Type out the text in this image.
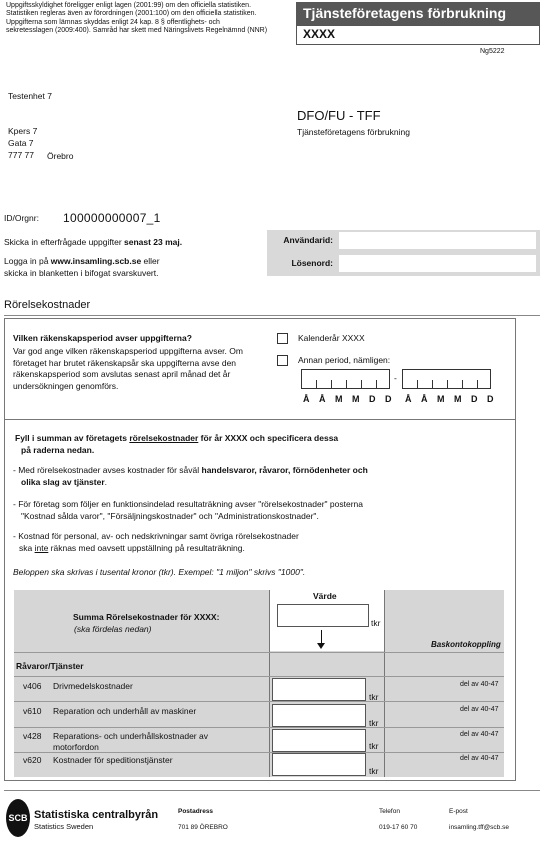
Uppgiftsskyldighet föreligger enligt lagen (2001:99) om den officiella statistiken. Statistiken regleras även av förordningen (2001:100) om den officiella statistiken. Uppgifterna som lämnas skyddas enligt 24 kap. 8 § offentlighets- och sekretesslagen (2009:400). Samråd har skett med Näringslivets Regelnämnd (NNR)
Tjänsteföretagens förbrukning
XXXX
Ng5222
Testenhet 7
Kpers 7
Gata 7
777 77 Örebro
DFO/FU - TFF
Tjänsteföretagens förbrukning
ID/Orgnr: 100000000007_1
Skicka in efterfrågade uppgifter senast 23 maj.
Logga in på www.insamling.scb.se eller
skicka in blanketten i bifogat svarskuvert.
Användarid:
Lösenord:
Rörelsekostnader
Vilken räkenskapsperiod avser uppgifterna?
Var god ange vilken räkenskapsperiod uppgifterna avser. Om företaget har brutet räkenskapsår ska uppgifterna avse den räkenskapsperiod som avslutas senast april månad det år undersökningen genomförs.
Kalenderår XXXX
Annan period, nämligen:
-
Å Å M M D D Å Å M M D D
Fyll i summan av företagets rörelsekostnader för år XXXX och specificera dessa
på raderna nedan.
- Med rörelsekostnader avses kostnader för såväl handelsvaror, råvaror, förnödenheter och
olika slag av tjänster.
- För företag som följer en funktionsindelad resultaträkning avser "rörelsekostnader" posterna
"Kostnad sålda varor", "Försäljningskostnader" och "Administrationskostnader".
- Kostnad för personal, av- och nedskrivningar samt övriga rörelsekostnader
ska inte räknas med oavsett uppställning på resultaträkning.
Beloppen ska skrivas i tusental kronor (tkr). Exempel: "1 miljon" skrivs "1000".
Värde
Summa Rörelsekostnader för XXXX:
(ska fördelas nedan)
tkr
Baskontokoppling
Råvaror/Tjänster
v406 Drivmedelskostnader
tkr
del av 40-47
v610 Reparation och underhåll av maskiner
tkr
del av 40-47
v428 Reparations- och underhållskostnader av
motorfordon	tkr
del av 40-47
v620 Kostnader för speditionstjänster
tkr
del av 40-47
SCB Statistiska centralbyrån
Statistics Sweden
Postadress
701 89 ÖREBRO
Telefon
019-17 60 70
E-post
insamling.tff@scb.se
